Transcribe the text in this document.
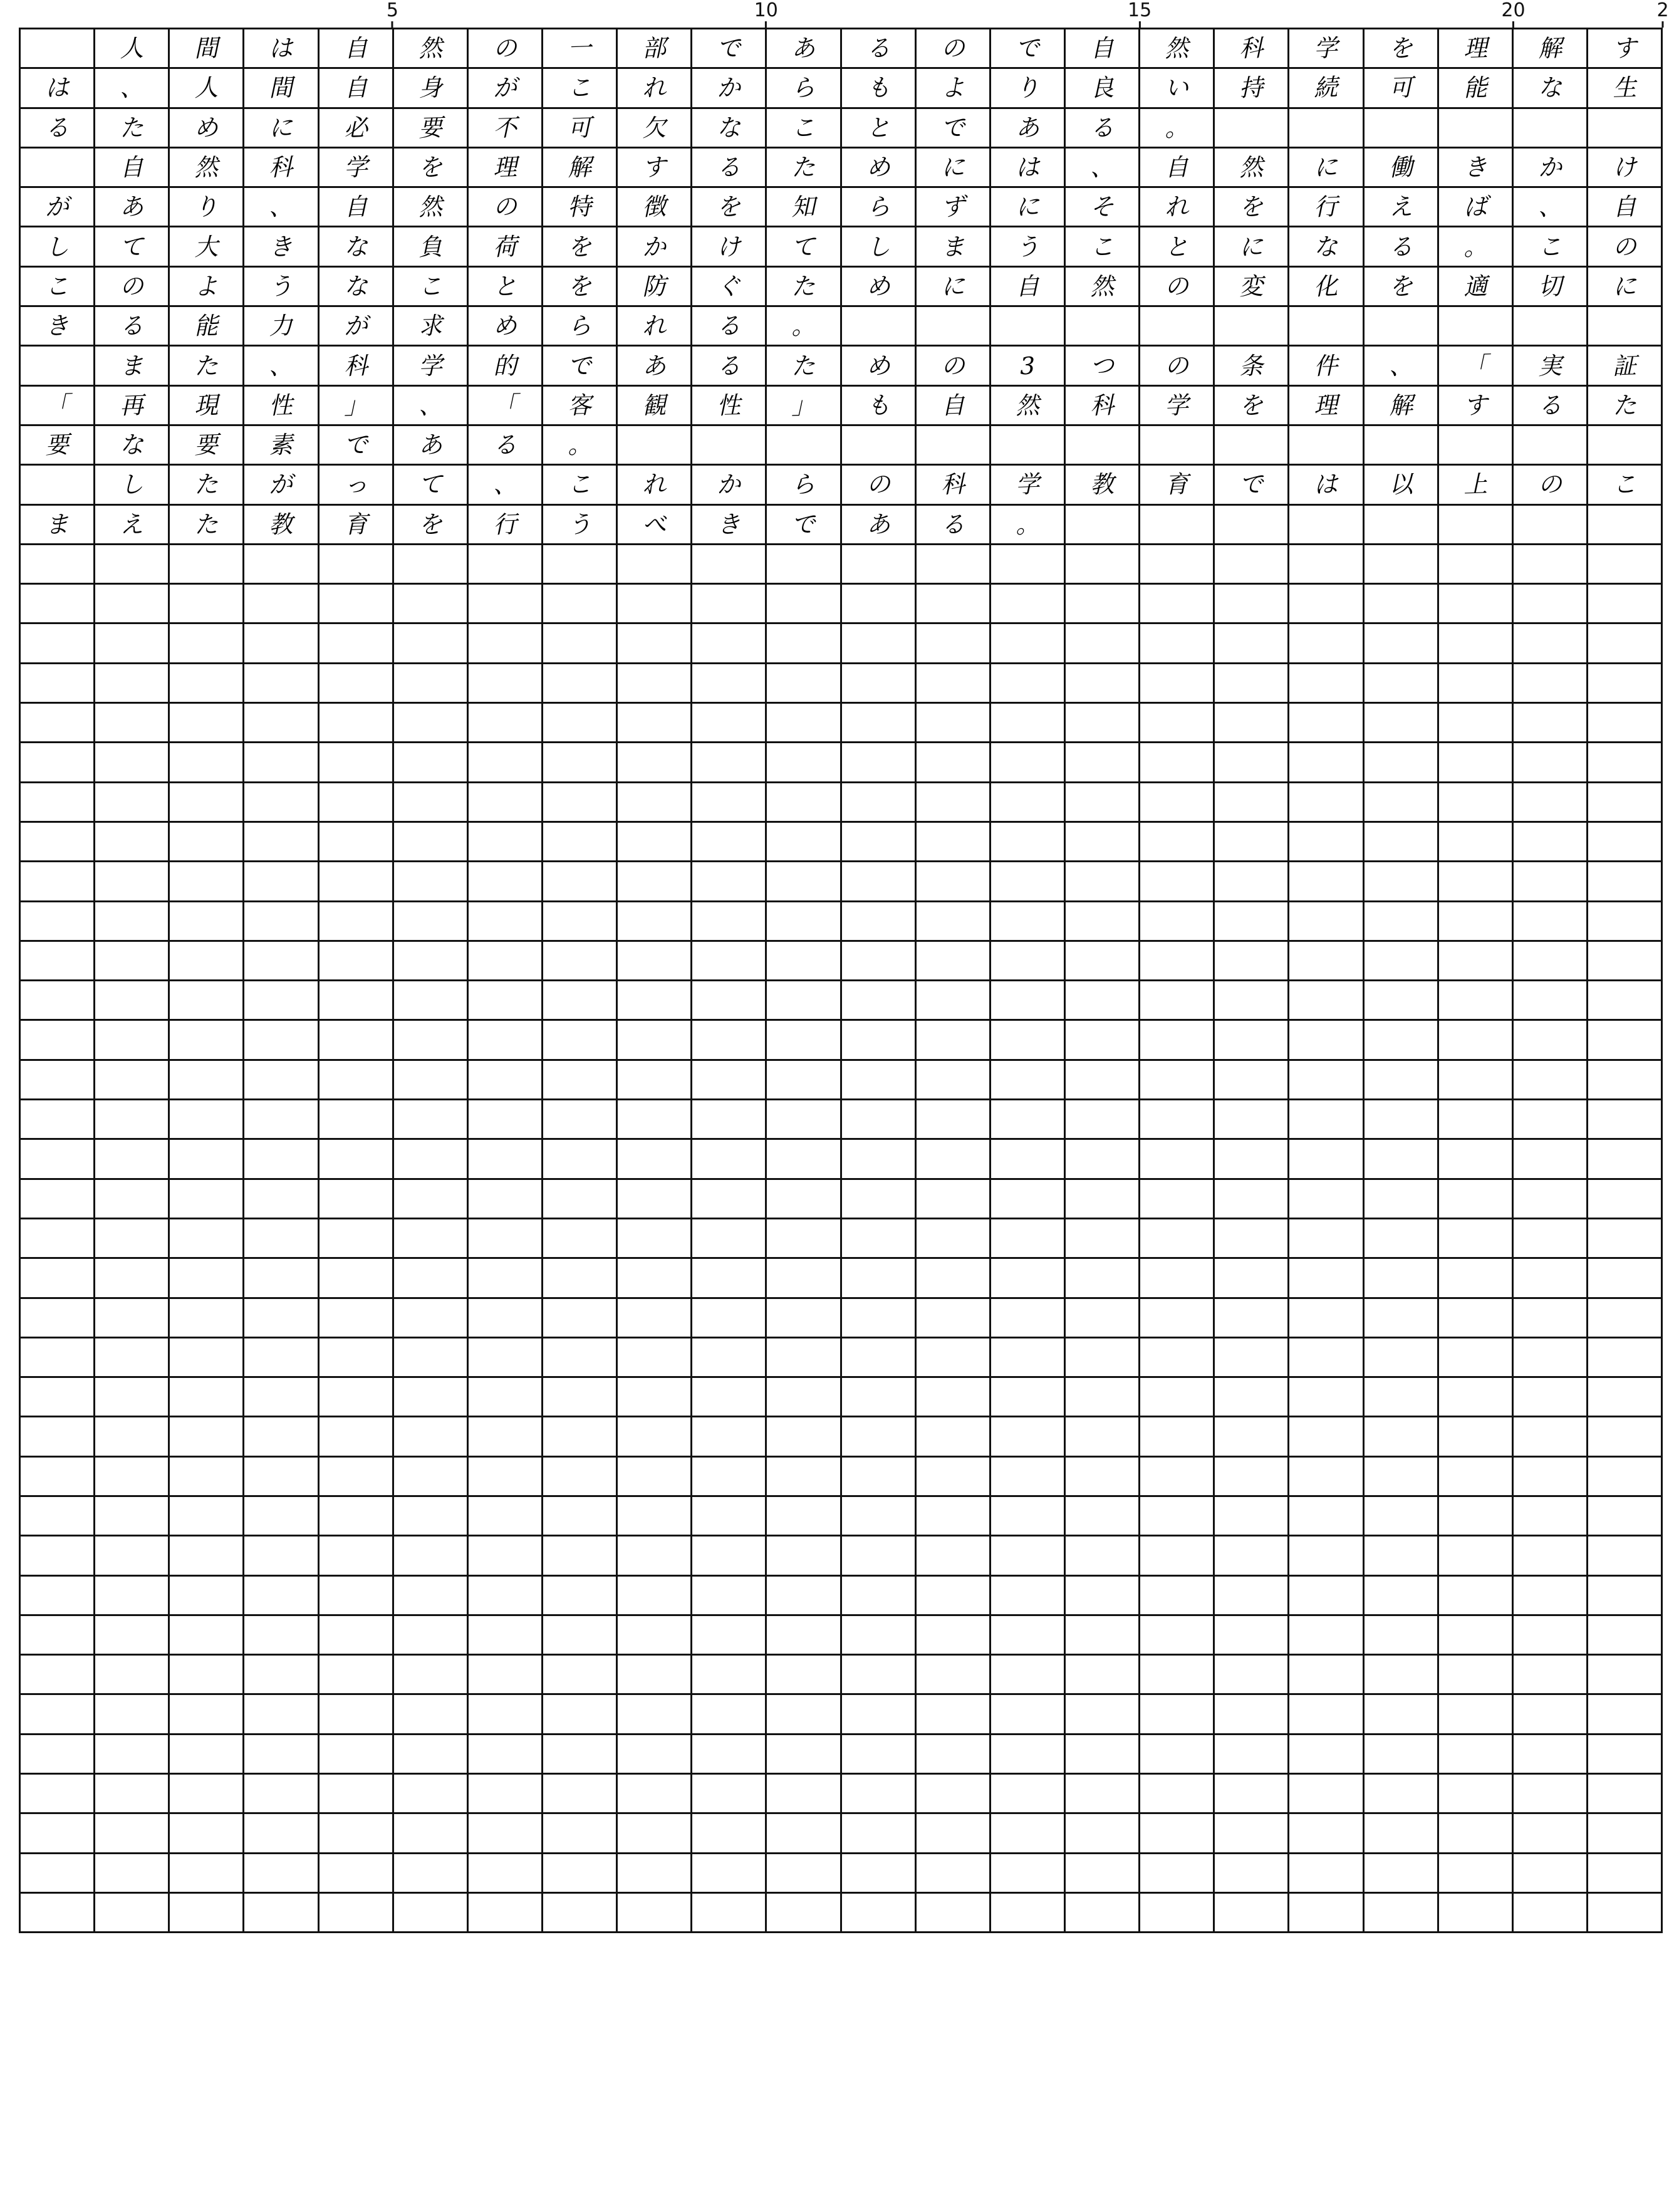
5	10	15	20	2
人 間 は 自 然 の 一 部 で あ る の で 自 然 科 学 を 理 解 す
は 、 人 間 自 身 が こ れ か ら も よ り 良 い 持 続 可 能 な 生
る た め に 必 要 不 可 欠 な こ と で あ る 。
自 然 科 学 を 理 解 す る た め に は 、 自 然 に 働 き か け
が あ り 、 自 然 の 特 徴 を 知 ら ず に そ れ を 行 え ば 、 自
し て 大 き な 負 荷 を か け て し ま う こ と に な る 。 こ の
こ の よ う な こ と を 防 ぐ た め に 自 然 の 変 化 を 適 切 に
き る 能 力 が 求 め ら れ る 。
ま た 、 科 学 的 で あ る た め の 3 つ の 条 件 、 「 実 証
「 再 現 性 」 、 「 客 観 性 」 も 自 然 科 学 を 理 解 す る た
要 な 要 素 で あ る 。
し た が っ て 、 こ れ か ら の 科 学 教 育 で は 以 上 の こ
ま え た 教 育 を 行 う べ き で あ る 。
